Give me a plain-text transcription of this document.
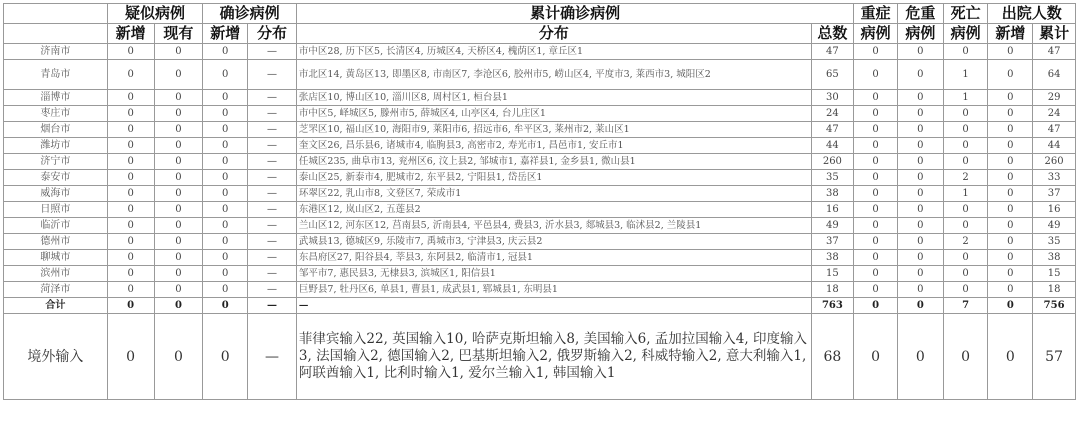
	疑似病例		确诊病例		累计确诊病例		重症	危重	死亡	出院人数	
	新增	现有	新增	分布	分布	总数	病例	病例	病例	新增	累计
济南市	0	0	0	—	市中区28, 历下区5, 长清区4, 历城区4, 天桥区4, 槐荫区1, 章丘区1	47	0	0	0	0	47
青岛市	0	0	0	—	市北区14, 黄岛区13, 即墨区8, 市南区7, 李沧区6, 胶州市5, 崂山区4, 平度市3, 莱西市3, 城阳区2	65	0	0	1	0	64
淄博市	0	0	0	—	张店区10, 博山区10, 淄川区8, 周村区1, 桓台县1	30	0	0	1	0	29
枣庄市	0	0	0	—	市中区5, 峄城区5, 滕州市5, 薛城区4, 山亭区4, 台儿庄区1	24	0	0	0	0	24
烟台市	0	0	0	—	芝罘区10, 福山区10, 海阳市9, 莱阳市6, 招远市6, 牟平区3, 莱州市2, 莱山区1	47	0	0	0	0	47
潍坊市	0	0	0	—	奎文区26, 昌乐县6, 诸城市4, 临朐县3, 高密市2, 寿光市1, 昌邑市1, 安丘市1	44	0	0	0	0	44
济宁市	0	0	0	—	任城区235, 曲阜市13, 兖州区6, 汶上县2, 邹城市1, 嘉祥县1, 金乡县1, 微山县1	260	0	0	0	0	260
泰安市	0	0	0	—	泰山区25, 新泰市4, 肥城市2, 东平县2, 宁阳县1, 岱岳区1	35	0	0	2	0	33
威海市	0	0	0	—	环翠区22, 乳山市8, 文登区7, 荣成市1	38	0	0	1	0	37
日照市	0	0	0	—	东港区12, 岚山区2, 五莲县2	16	0	0	0	0	16
临沂市	0	0	0	—	兰山区12, 河东区12, 莒南县5, 沂南县4, 平邑县4, 费县3, 沂水县3, 郯城县3, 临沭县2, 兰陵县1	49	0	0	0	0	49
德州市	0	0	0	—	武城县13, 德城区9, 乐陵市7, 禹城市3, 宁津县3, 庆云县2	37	0	0	2	0	35
聊城市	0	0	0	—	东昌府区27, 阳谷县4, 莘县3, 东阿县2, 临清市1, 冠县1	38	0	0	0	0	38
滨州市	0	0	0	—	邹平市7, 惠民县3, 无棣县3, 滨城区1, 阳信县1	15	0	0	0	0	15
菏泽市	0	0	0	—	巨野县7, 牡丹区6, 单县1, 曹县1, 成武县1, 郓城县1, 东明县1	18	0	0	0	0	18
合计	0	0	0	—	—	763	0	0	7	0	756
境外输入	0	0	0	—	菲律宾输入22, 英国输入10, 哈萨克斯坦输入8, 美国输入6, 孟加拉国输入4, 印度输入3, 法国输入2, 德国输入2, 巴基斯坦输入2, 俄罗斯输入2, 科威特输入2, 意大利输入1, 阿联酋输入1, 比利时输入1, 爱尔兰输入1, 韩国输入1	68	0	0	0	0	57
